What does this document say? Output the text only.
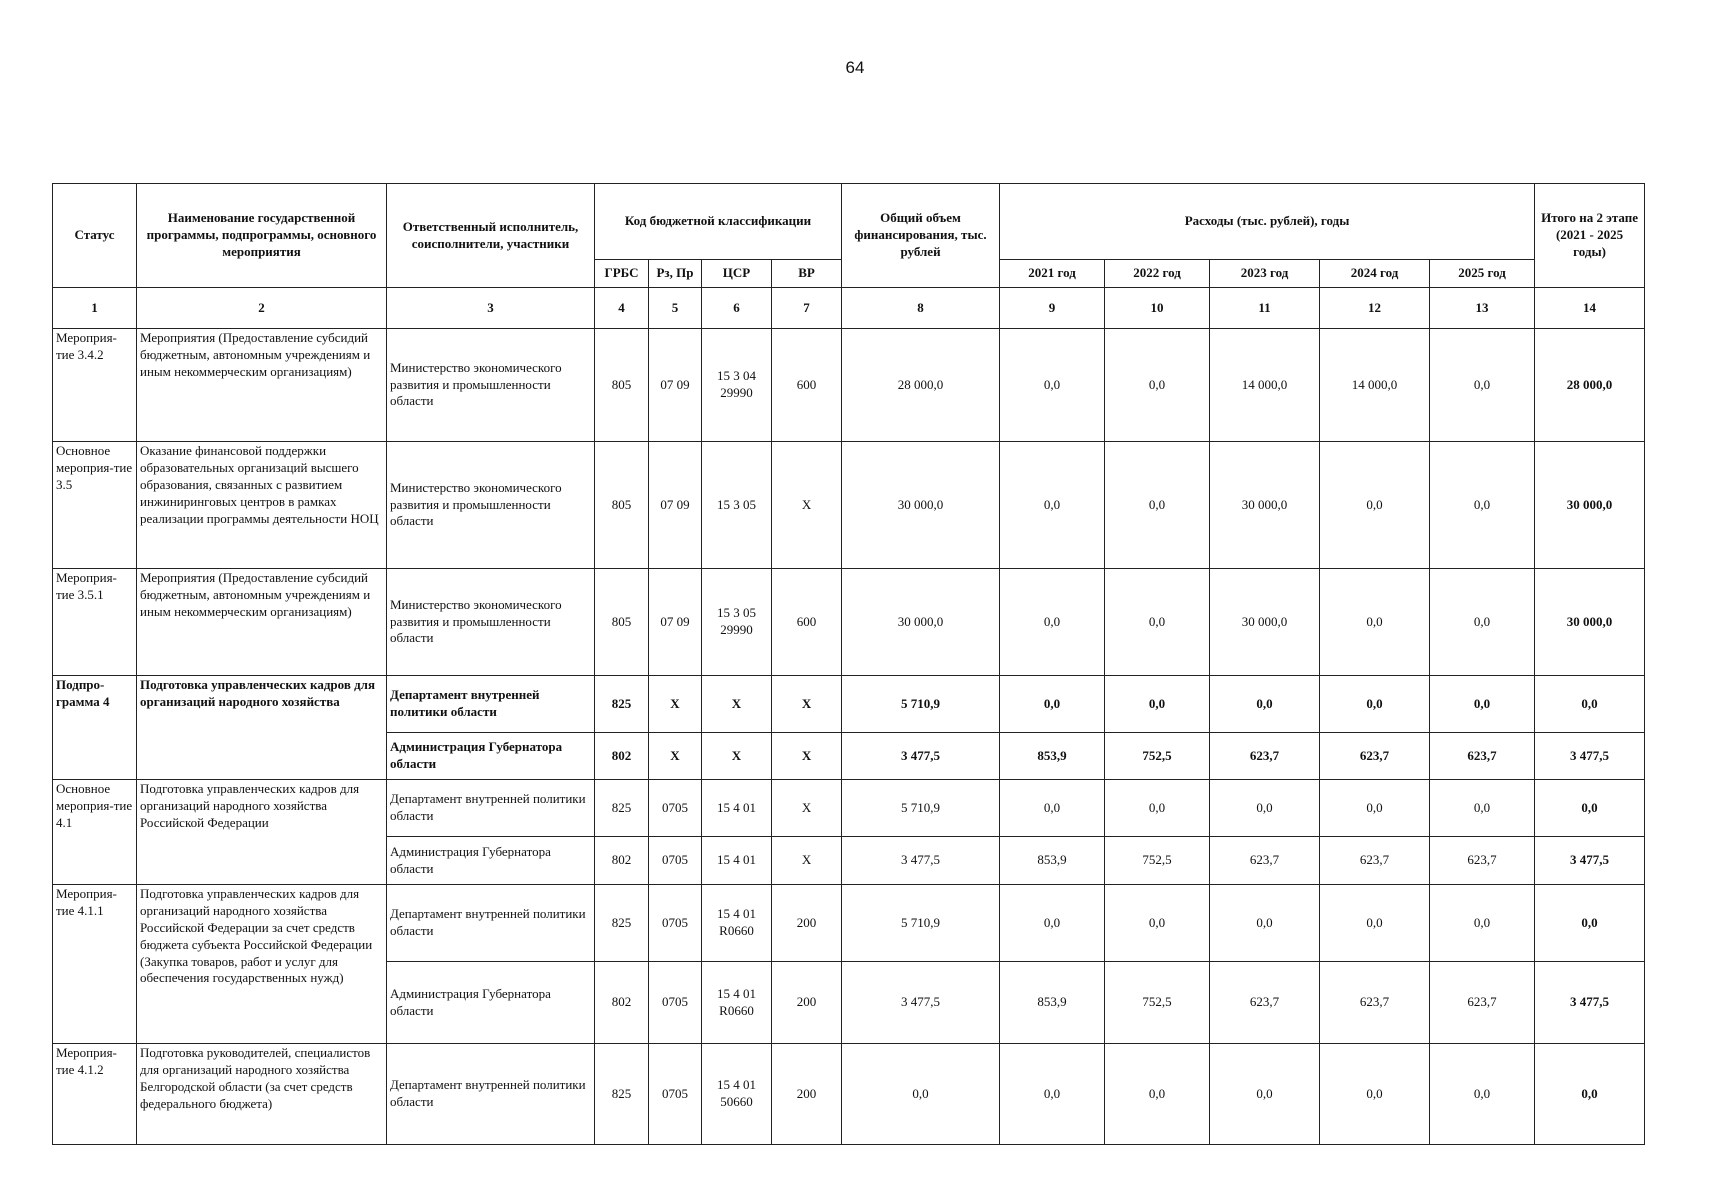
64
Статус	Наименование государственной программы, подпрограммы, основного мероприятия	Ответственный исполнитель, соисполнители, участники	Код бюджетной классификации				Общий объем финансирования, тыс. рублей	Расходы (тыс. рублей), годы					Итого на 2 этапе (2021 - 2025 годы)
			ГРБС	Рз, Пр	ЦСР	ВР		2021 год	2022 год	2023 год	2024 год	2025 год	
1	2	3	4	5	6	7	8	9	10	11	12	13	14
Мероприя-тие 3.4.2	Мероприятия (Предоставление субсидий бюджетным, автономным учреждениям и иным некоммерческим организациям)	Министерство экономического развития и промышленности области	805	07 09	15 3 04 29990	600	28 000,0	0,0	0,0	14 000,0	14 000,0	0,0	28 000,0
Основное мероприя-тие 3.5	Оказание финансовой поддержки образовательных организаций высшего образования, связанных с развитием инжиниринговых центров в рамках реализации программы деятельности НОЦ	Министерство экономического развития и промышленности области	805	07 09	15 3 05	X	30 000,0	0,0	0,0	30 000,0	0,0	0,0	30 000,0
Мероприя-тие 3.5.1	Мероприятия (Предоставление субсидий бюджетным, автономным учреждениям и иным некоммерческим организациям)	Министерство экономического развития и промышленности области	805	07 09	15 3 05 29990	600	30 000,0	0,0	0,0	30 000,0	0,0	0,0	30 000,0
Подпро-грамма 4	Подготовка управленческих кадров для организаций народного хозяйства	Департамент внутренней политики области	825	X	X	X	5 710,9	0,0	0,0	0,0	0,0	0,0	0,0
		Администрация Губернатора области	802	X	X	X	3 477,5	853,9	752,5	623,7	623,7	623,7	3 477,5
Основное мероприя-тие 4.1	Подготовка управленческих кадров для организаций народного хозяйства Российской Федерации	Департамент внутренней политики области	825	0705	15 4 01	X	5 710,9	0,0	0,0	0,0	0,0	0,0	0,0
		Администрация Губернатора области	802	0705	15 4 01	X	3 477,5	853,9	752,5	623,7	623,7	623,7	3 477,5
Мероприя-тие 4.1.1	Подготовка управленческих кадров для организаций народного хозяйства Российской Федерации за счет средств бюджета субъекта Российской Федерации (Закупка товаров, работ и услуг для обеспечения государственных нужд)	Департамент внутренней политики области	825	0705	15 4 01 R0660	200	5 710,9	0,0	0,0	0,0	0,0	0,0	0,0
		Администрация Губернатора области	802	0705	15 4 01 R0660	200	3 477,5	853,9	752,5	623,7	623,7	623,7	3 477,5
Мероприя-тие 4.1.2	Подготовка руководителей, специалистов для организаций народного хозяйства Белгородской области (за счет средств федерального бюджета)	Департамент внутренней политики области	825	0705	15 4 01 50660	200	0,0	0,0	0,0	0,0	0,0	0,0	0,0
